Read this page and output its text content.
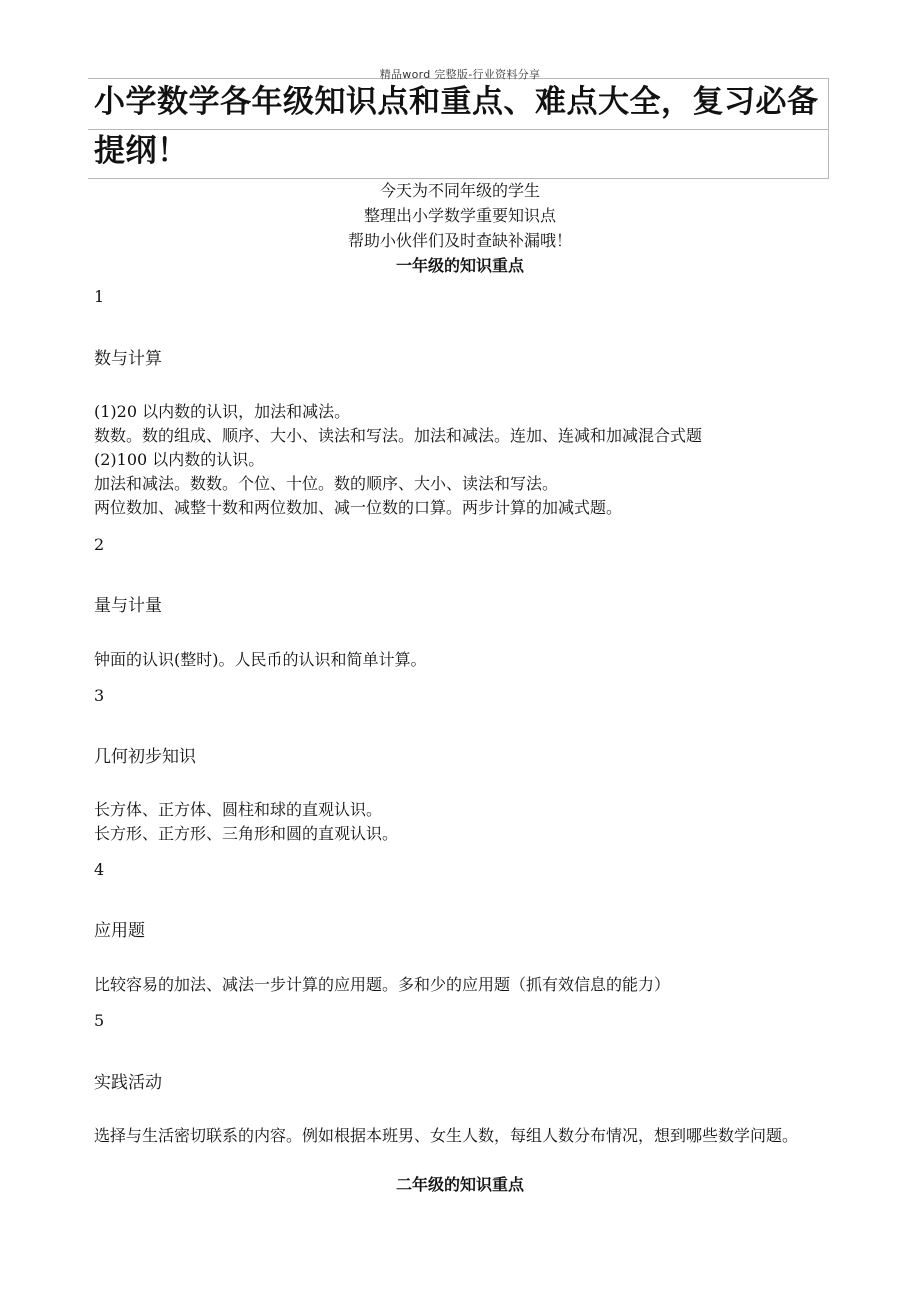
精品word 完整版-行业资料分享
小学数学各年级知识点和重点、难点大全，复习必备
提纲！
今天为不同年级的学生
整理出小学数学重要知识点
帮助小伙伴们及时查缺补漏哦！
一年级的知识重点
1
数与计算
(1)20 以内数的认识，加法和减法。
数数。数的组成、顺序、大小、读法和写法。加法和减法。连加、连减和加减混合式题
(2)100 以内数的认识。
加法和减法。数数。个位、十位。数的顺序、大小、读法和写法。
两位数加、减整十数和两位数加、减一位数的口算。两步计算的加减式题。
2
量与计量
钟面的认识(整时)。人民币的认识和简单计算。
3
几何初步知识
长方体、正方体、圆柱和球的直观认识。
长方形、正方形、三角形和圆的直观认识。
4
应用题
比较容易的加法、减法一步计算的应用题。多和少的应用题（抓有效信息的能力）
5
实践活动
选择与生活密切联系的内容。例如根据本班男、女生人数，每组人数分布情况，想到哪些数学问题。
二年级的知识重点
